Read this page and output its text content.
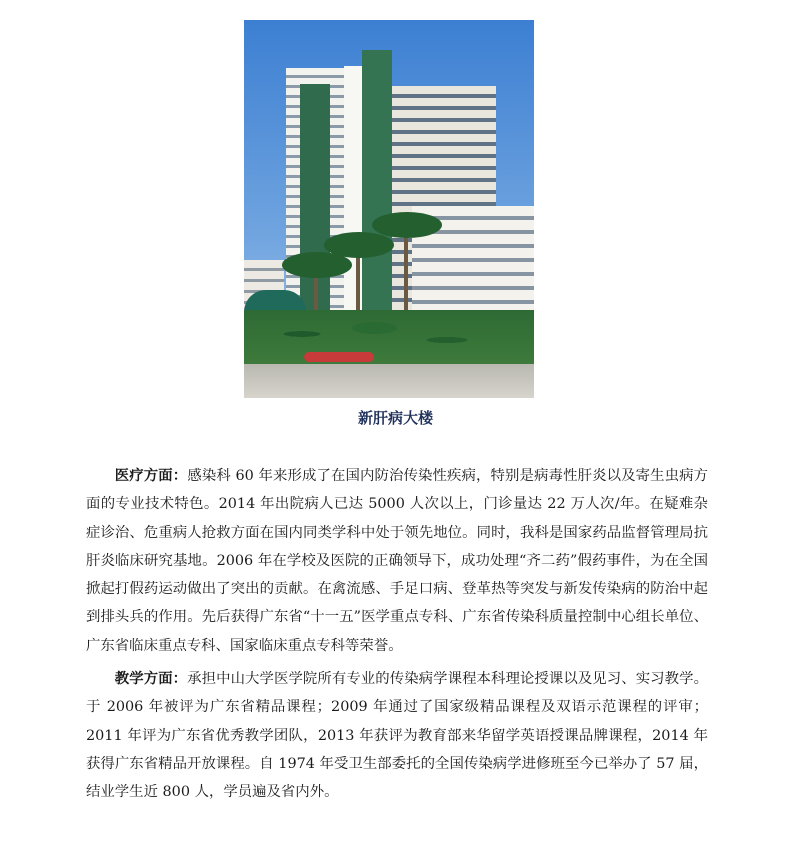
新肝病大楼

医疗方面：感染科 60 年来形成了在国内防治传染性疾病，特别是病毒性肝炎以及寄生虫病方面的专业技术特色。2014 年出院病人已达 5000 人次以上，门诊量达 22 万人次/年。在疑难杂症诊治、危重病人抢救方面在国内同类学科中处于领先地位。同时，我科是国家药品监督管理局抗肝炎临床研究基地。2006 年在学校及医院的正确领导下，成功处理“齐二药”假药事件，为在全国掀起打假药运动做出了突出的贡献。在禽流感、手足口病、登革热等突发与新发传染病的防治中起到排头兵的作用。先后获得广东省“十一五”医学重点专科、广东省传染科质量控制中心组长单位、广东省临床重点专科、国家临床重点专科等荣誉。

教学方面：承担中山大学医学院所有专业的传染病学课程本科理论授课以及见习、实习教学。于 2006 年被评为广东省精品课程；2009 年通过了国家级精品课程及双语示范课程的评审；2011 年评为广东省优秀教学团队，2013 年获评为教育部来华留学英语授课品牌课程，2014 年获得广东省精品开放课程。自 1974 年受卫生部委托的全国传染病学进修班至今已举办了 57 届，结业学生近 800 人，学员遍及省内外。
